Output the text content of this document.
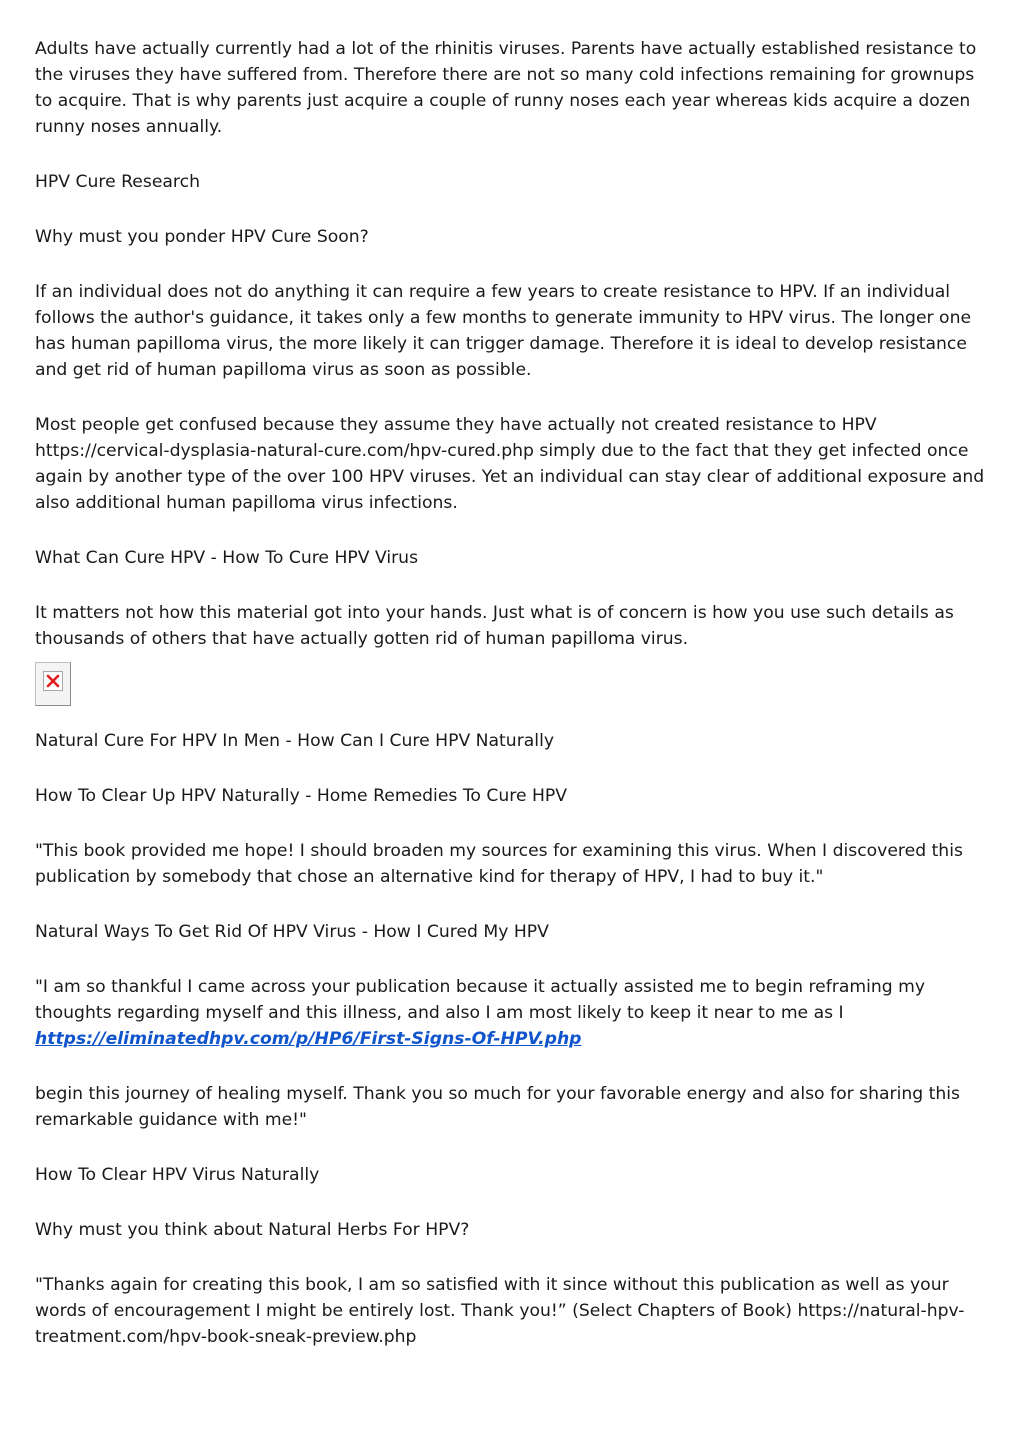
Adults have actually currently had a lot of the rhinitis viruses. Parents have actually established resistance to the viruses they have suffered from. Therefore there are not so many cold infections remaining for grownups to acquire. That is why parents just acquire a couple of runny noses each year whereas kids acquire a dozen runny noses annually.

HPV Cure Research

Why must you ponder HPV Cure Soon?

If an individual does not do anything it can require a few years to create resistance to HPV. If an individual follows the author's guidance, it takes only a few months to generate immunity to HPV virus. The longer one has human papilloma virus, the more likely it can trigger damage. Therefore it is ideal to develop resistance and get rid of human papilloma virus as soon as possible.

Most people get confused because they assume they have actually not created resistance to HPV https://cervical-dysplasia-natural-cure.com/hpv-cured.php simply due to the fact that they get infected once again by another type of the over 100 HPV viruses. Yet an individual can stay clear of additional exposure and also additional human papilloma virus infections.

What Can Cure HPV - How To Cure HPV Virus

It matters not how this material got into your hands. Just what is of concern is how you use such details as thousands of others that have actually gotten rid of human papilloma virus.

Natural Cure For HPV In Men - How Can I Cure HPV Naturally

How To Clear Up HPV Naturally - Home Remedies To Cure HPV

"This book provided me hope! I should broaden my sources for examining this virus. When I discovered this publication by somebody that chose an alternative kind for therapy of HPV, I had to buy it."

Natural Ways To Get Rid Of HPV Virus - How I Cured My HPV

"I am so thankful I came across your publication because it actually assisted me to begin reframing my thoughts regarding myself and this illness, and also I am most likely to keep it near to me as I
https://eliminatedhpv.com/p/HP6/First-Signs-Of-HPV.php

begin this journey of healing myself. Thank you so much for your favorable energy and also for sharing this remarkable guidance with me!"

How To Clear HPV Virus Naturally

Why must you think about Natural Herbs For HPV?

"Thanks again for creating this book, I am so satisfied with it since without this publication as well as your words of encouragement I might be entirely lost. Thank you!” (Select Chapters of Book) https://natural-hpv-treatment.com/hpv-book-sneak-preview.php
